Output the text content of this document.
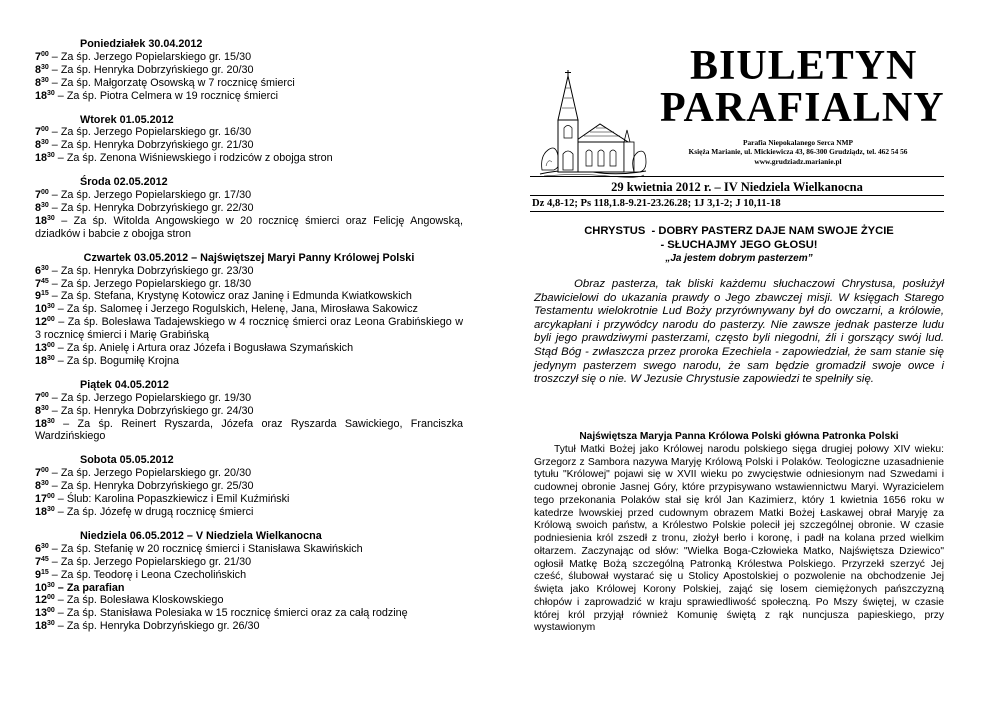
Poniedziałek 30.04.2012
$7^{00}$ – Za śp. Jerzego Popielarskiego gr. 15/30
$8^{30}$ – Za śp. Henryka Dobrzyńskiego gr. 20/30
$8^{30}$ – Za śp. Małgorzatę Osowską w 7 rocznicę śmierci
$18^{30}$ – Za śp. Piotra Celmera w 19 rocznicę śmierci
Wtorek 01.05.2012
$7^{00}$ – Za śp. Jerzego Popielarskiego gr. 16/30
$8^{30}$ – Za śp. Henryka Dobrzyńskiego gr. 21/30
$18^{30}$ – Za śp. Zenona Wiśniewskiego i rodziców z obojga stron
Środa 02.05.2012
$7^{00}$ – Za śp. Jerzego Popielarskiego gr. 17/30
$8^{30}$ – Za śp. Henryka Dobrzyńskiego gr. 22/30
$18^{30}$ – Za śp. Witolda Angowskiego w 20 rocznicę śmierci oraz Felicję Angowską, dziadków i babcie z obojga stron
Czwartek 03.05.2012 – Najświętszej Maryi Panny Królowej Polski
$6^{30}$ – Za śp. Henryka Dobrzyńskiego gr. 23/30
$7^{45}$ – Za śp. Jerzego Popielarskiego gr. 18/30
$9^{15}$ – Za śp. Stefana, Krystynę Kotowicz oraz Janinę i Edmunda Kwiatkowskich
$10^{30}$ – Za śp. Salomeę i Jerzego Rogulskich, Helenę, Jana, Mirosława Sakowicz
$12^{00}$ – Za śp. Bolesława Tadajewskiego w 4 rocznicę śmierci oraz Leona Grabińskiego w 3 rocznicę śmierci i Marię Grabińską
$13^{00}$ – Za śp. Anielę i Artura oraz Józefa i Bogusława Szymańskich
$18^{30}$ – Za śp. Bogumiłę Krojna
Piątek 04.05.2012
$7^{00}$ – Za śp. Jerzego Popielarskiego gr. 19/30
$8^{30}$ – Za śp. Henryka Dobrzyńskiego gr. 24/30
$18^{30}$ – Za śp. Reinert Ryszarda, Józefa oraz Ryszarda Sawickiego, Franciszka Wardzińskiego
Sobota 05.05.2012
$7^{00}$ – Za śp. Jerzego Popielarskiego gr. 20/30
$8^{30}$ – Za śp. Henryka Dobrzyńskiego gr. 25/30
$17^{00}$ – Ślub: Karolina Popaszkiewicz i Emil Kuźmiński
$18^{30}$ – Za śp. Józefę w drugą rocznicę śmierci
Niedziela 06.05.2012 – V Niedziela Wielkanocna
$6^{30}$ – Za śp. Stefanię w 20 rocznicę śmierci i Stanisława Skawińskich
$7^{45}$ – Za śp. Jerzego Popielarskiego gr. 21/30
$9^{15}$ – Za śp. Teodorę i Leona Czecholińskich
$10^{30}$ – Za parafian
$12^{00}$ – Za śp. Bolesława Kloskowskiego
$13^{00}$ – Za śp. Stanisława Polesiaka w 15 rocznicę śmierci oraz za całą rodzinę
$18^{30}$ – Za śp. Henryka Dobrzyńskiego gr. 26/30
BIULETYN
PARAFIALNY
Parafia Niepokalanego Serca NMP
Księża Marianie, ul. Mickiewicza 43, 86-300 Grudziądz, tel. 462 54 56
www.grudziadz.marianie.pl
29 kwietnia 2012 r. – IV Niedziela Wielkanocna
Dz 4,8-12; Ps 118,1.8-9.21-23.26.28; 1J 3,1-2; J 10,11-18
CHRYSTUS  - DOBRY PASTERZ DAJE NAM SWOJE ŻYCIE
- SŁUCHAJMY JEGO GŁOSU!
„Ja jestem dobrym pasterzem”
Obraz pasterza, tak bliski każdemu słuchaczowi Chrystusa, posłużył Zbawicielowi do ukazania prawdy o Jego zbawczej misji. W księgach Starego Testamentu wielokrotnie Lud Boży przyrównywany był do owczarni, a królowie, arcykapłani i przywódcy narodu do pasterzy. Nie zawsze jednak pasterze ludu byli jego prawdziwymi pasterzami, często byli niegodni, źli i gorszący swój lud. Stąd Bóg - zwłaszcza przez proroka Ezechiela - zapowiedział, że sam stanie się jedynym pasterzem swego narodu, że sam będzie gromadził swoje owce i troszczył się o nie. W Jezusie Chrystusie zapowiedzi te spełniły się.
Najświętsza Maryja Panna Królowa Polski główna Patronka Polski
Tytuł Matki Bożej jako Królowej narodu polskiego sięga drugiej połowy XIV wieku: Grzegorz z Sambora nazywa Maryję Królową Polski i Polaków. Teologiczne uzasadnienie tytułu "Królowej" pojawi się w XVII wieku po zwycięstwie odniesionym nad Szwedami i cudownej obronie Jasnej Góry, które przypisywano wstawiennictwu Maryi. Wyrazicielem tego przekonania Polaków stał się król Jan Kazimierz, który 1 kwietnia 1656 roku w katedrze lwowskiej przed cudownym obrazem Matki Bożej Łaskawej obrał Maryję za Królową swoich państw, a Królestwo Polskie polecił jej szczególnej obronie. W czasie podniesienia król zszedł z tronu, złożył berło i koronę, i padł na kolana przed wielkim ołtarzem. Zaczynając od słów: "Wielka Boga-Człowieka Matko, Najświętsza Dziewico" ogłosił Matkę Bożą szczególną Patronką Królestwa Polskiego. Przyrzekł szerzyć Jej cześć, ślubował wystarać się u Stolicy Apostolskiej o pozwolenie na obchodzenie Jej święta jako Królowej Korony Polskiej, zająć się losem ciemiężonych pańszczyzną chłopów i zaprowadzić w kraju sprawiedliwość społeczną. Po Mszy świętej, w czasie której król przyjął również Komunię świętą z rąk nuncjusza papieskiego, przy wystawionym
